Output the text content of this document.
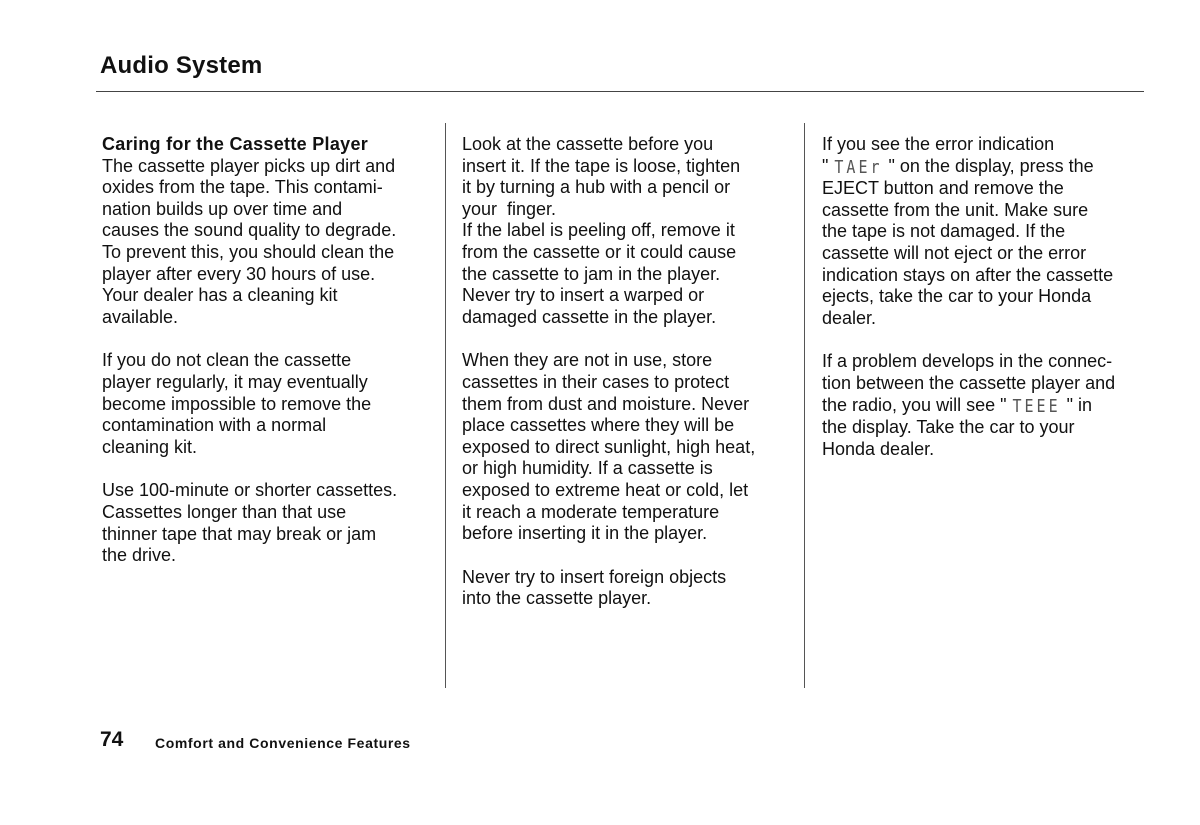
Audio System

Caring for the Cassette Player

The cassette player picks up dirt and

oxides from the tape. This contami-

nation builds up over time and

causes the sound quality to degrade.

To prevent this, you should clean the

player after every 30 hours of use.

Your dealer has a cleaning kit

available.

If you do not clean the cassette

player regularly, it may eventually

become impossible to remove the

contamination with a normal

cleaning kit.

Use 100-minute or shorter cassettes.

Cassettes longer than that use

thinner tape that may break or jam

the drive.

Look at the cassette before you

insert it. If the tape is loose, tighten

it by turning a hub with a pencil or

your  finger.

If the label is peeling off, remove it

from the cassette or it could cause

the cassette to jam in the player.

Never try to insert a warped or

damaged cassette in the player.

When they are not in use, store

cassettes in their cases to protect

them from dust and moisture. Never

place cassettes where they will be

exposed to direct sunlight, high heat,

or high humidity. If a cassette is

exposed to extreme heat or cold, let

it reach a moderate temperature

before inserting it in the player.

Never try to insert foreign objects

into the cassette player.

If you see the error indication

" TAEr " on the display, press the

EJECT button and remove the

cassette from the unit. Make sure

the tape is not damaged. If the

cassette will not eject or the error

indication stays on after the cassette

ejects, take the car to your Honda

dealer.

If a problem develops in the connec-

tion between the cassette player and

the radio, you will see " TEEE " in

the display. Take the car to your

Honda dealer.

74 Comfort and Convenience Features
